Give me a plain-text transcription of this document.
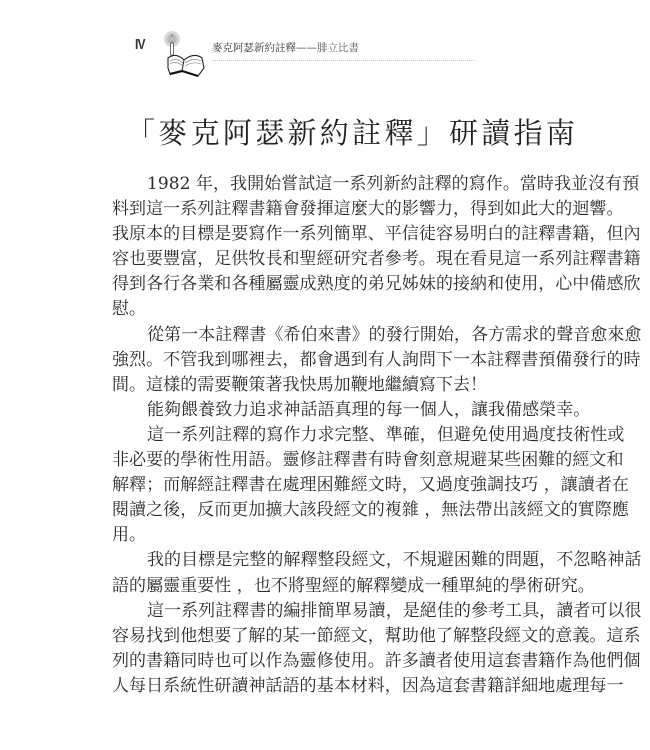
IV	麥克阿瑟新約註釋——腓立比書
「麥克阿瑟新約註釋」研讀指南
1982 年，我開始嘗試這一系列新約註釋的寫作。當時我並沒有預
料到這一系列註釋書籍會發揮這麼大的影響力，得到如此大的迴響。
我原本的目標是要寫作一系列簡單、平信徒容易明白的註釋書籍，但內
容也要豐富，足供牧長和聖經研究者參考。現在看見這一系列註釋書籍
得到各行各業和各種屬靈成熟度的弟兄姊妹的接納和使用，心中備感欣
慰。
從第一本註釋書《希伯來書》的發行開始，各方需求的聲音愈來愈
強烈。不管我到哪裡去，都會遇到有人詢問下一本註釋書預備發行的時
間。這樣的需要鞭策著我快馬加鞭地繼續寫下去！
能夠餵養致力追求神話語真理的每一個人，讓我備感榮幸。
這一系列註釋的寫作力求完整、準確，但避免使用過度技術性或
非必要的學術性用語。靈修註釋書有時會刻意規避某些困難的經文和
解釋；而解經註釋書在處理困難經文時，又過度強調技巧 ，讓讀者在
閱讀之後，反而更加擴大該段經文的複雜 ，無法帶出該經文的實際應
用。
我的目標是完整的解釋整段經文，不規避困難的問題，不忽略神話
語的屬靈重要性 ，也不將聖經的解釋變成一種單純的學術研究。
這一系列註釋書的編排簡單易讀，是絕佳的參考工具，讀者可以很
容易找到他想要了解的某一節經文，幫助他了解整段經文的意義。這系
列的書籍同時也可以作為靈修使用。許多讀者使用這套書籍作為他們個
人每日系統性研讀神話語的基本材料，因為這套書籍詳細地處理每一
